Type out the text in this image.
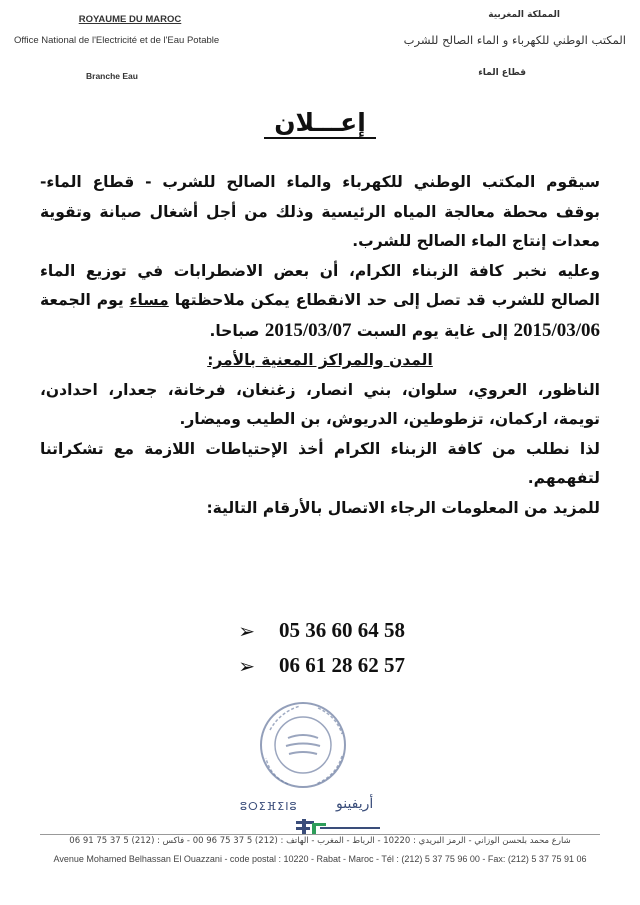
ROYAUME DU MAROC
Office National de l'Electricité et de l'Eau Potable
Branche Eau
المملكة المغربية
المكتب الوطني للكهرباء و الماء الصالح للشرب
قطاع الماء
إعـــلان

سيقوم المكتب الوطني للكهرباء والماء الصالح للشرب - قطاع الماء- بوقف محطة معالجة المياه الرئيسية وذلك من أجل أشغال صيانة وتقوية معدات إنتاج الماء الصالح للشرب.

وعليه نخبر كافة الزبناء الكرام، أن بعض الاضطرابات في توزيع الماء الصالح للشرب قد تصل إلى حد الانقطاع يمكن ملاحظتها مساء يوم الجمعة 2015/03/06 إلى غاية يوم السبت 2015/03/07 صباحا.

المدن والمراكز المعنية بالأمر:

الناظور، العروي، سلوان، بني انصار، زغنغان، فرخانة، جعدار، احدادن، تويمة، اركمان، تزطوطين، الدريوش، بن الطيب وميضار.

لذا نطلب من كافة الزبناء الكرام أخذ الإحتياطات اللازمة مع تشكراتنا لتفهمهم.

للمزيد من المعلومات الرجاء الاتصال بالأرقام التالية:

➢ 05 36 60 64 58
➢ 06 61 28 62 57
ⵓⵔⵉⴼⵉⵏⵓ	أريفينو
شارع محمد بلحسن الوزاني - الرمز البريدي : 10220 - الرباط - المغرب - الهاتف : (212) 5 37 75 96 00 - فاكس : (212) 5 37 75 91 06
Avenue Mohamed Belhassan El Ouazzani - code postal : 10220 - Rabat - Maroc - Tél : (212) 5 37 75 96 00 - Fax: (212) 5 37 75 91 06
